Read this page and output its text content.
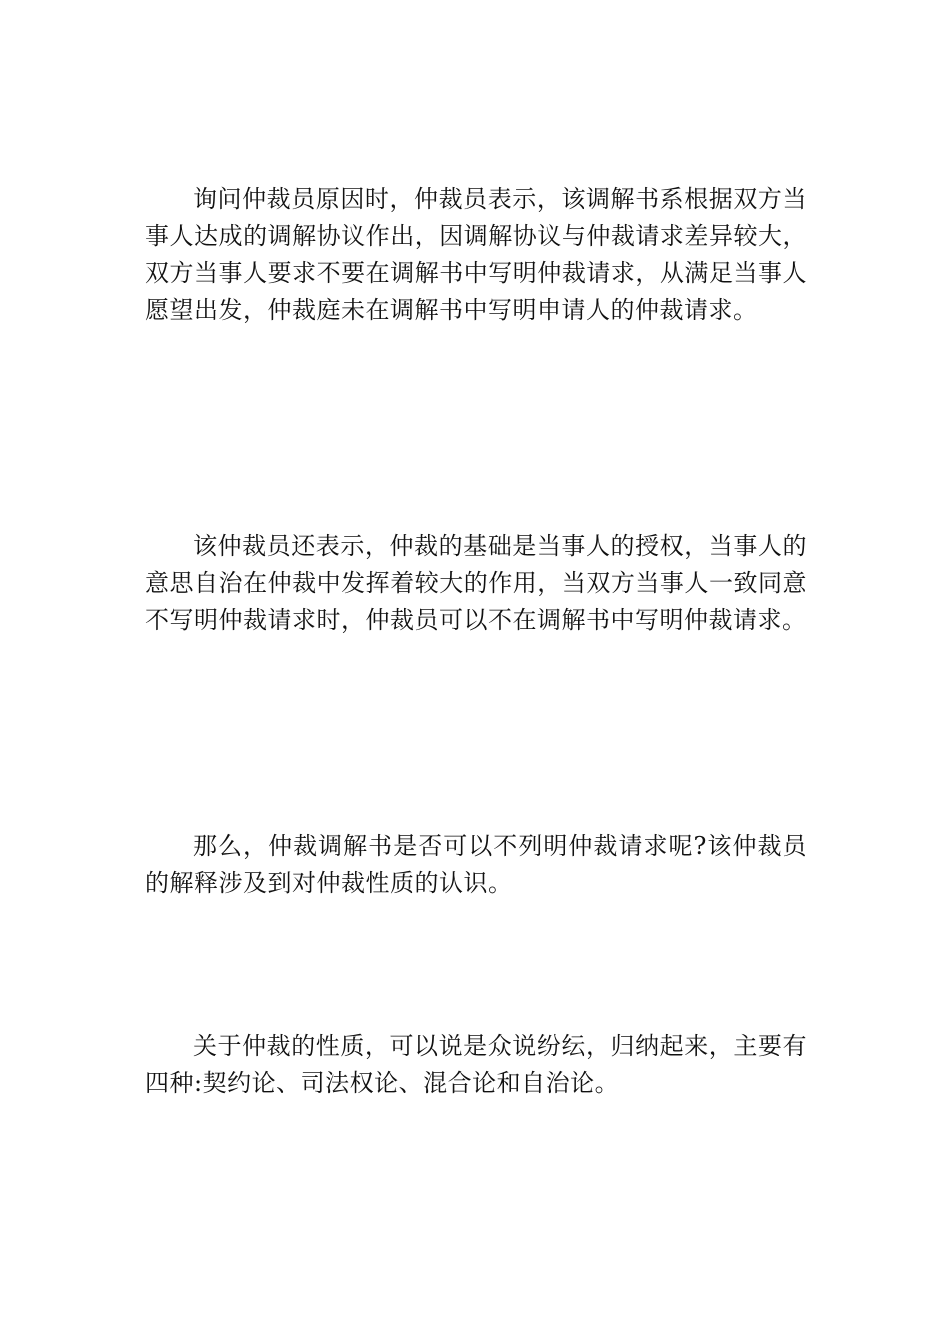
询问仲裁员原因时，仲裁员表示，该调解书系根据双方当事人达成的调解协议作出，因调解协议与仲裁请求差异较大，双方当事人要求不要在调解书中写明仲裁请求，从满足当事人愿望出发，仲裁庭未在调解书中写明申请人的仲裁请求。

该仲裁员还表示，仲裁的基础是当事人的授权，当事人的意思自治在仲裁中发挥着较大的作用，当双方当事人一致同意不写明仲裁请求时，仲裁员可以不在调解书中写明仲裁请求。

那么，仲裁调解书是否可以不列明仲裁请求呢?该仲裁员的解释涉及到对仲裁性质的认识。

关于仲裁的性质，可以说是众说纷纭，归纳起来，主要有四种:契约论、司法权论、混合论和自治论。
